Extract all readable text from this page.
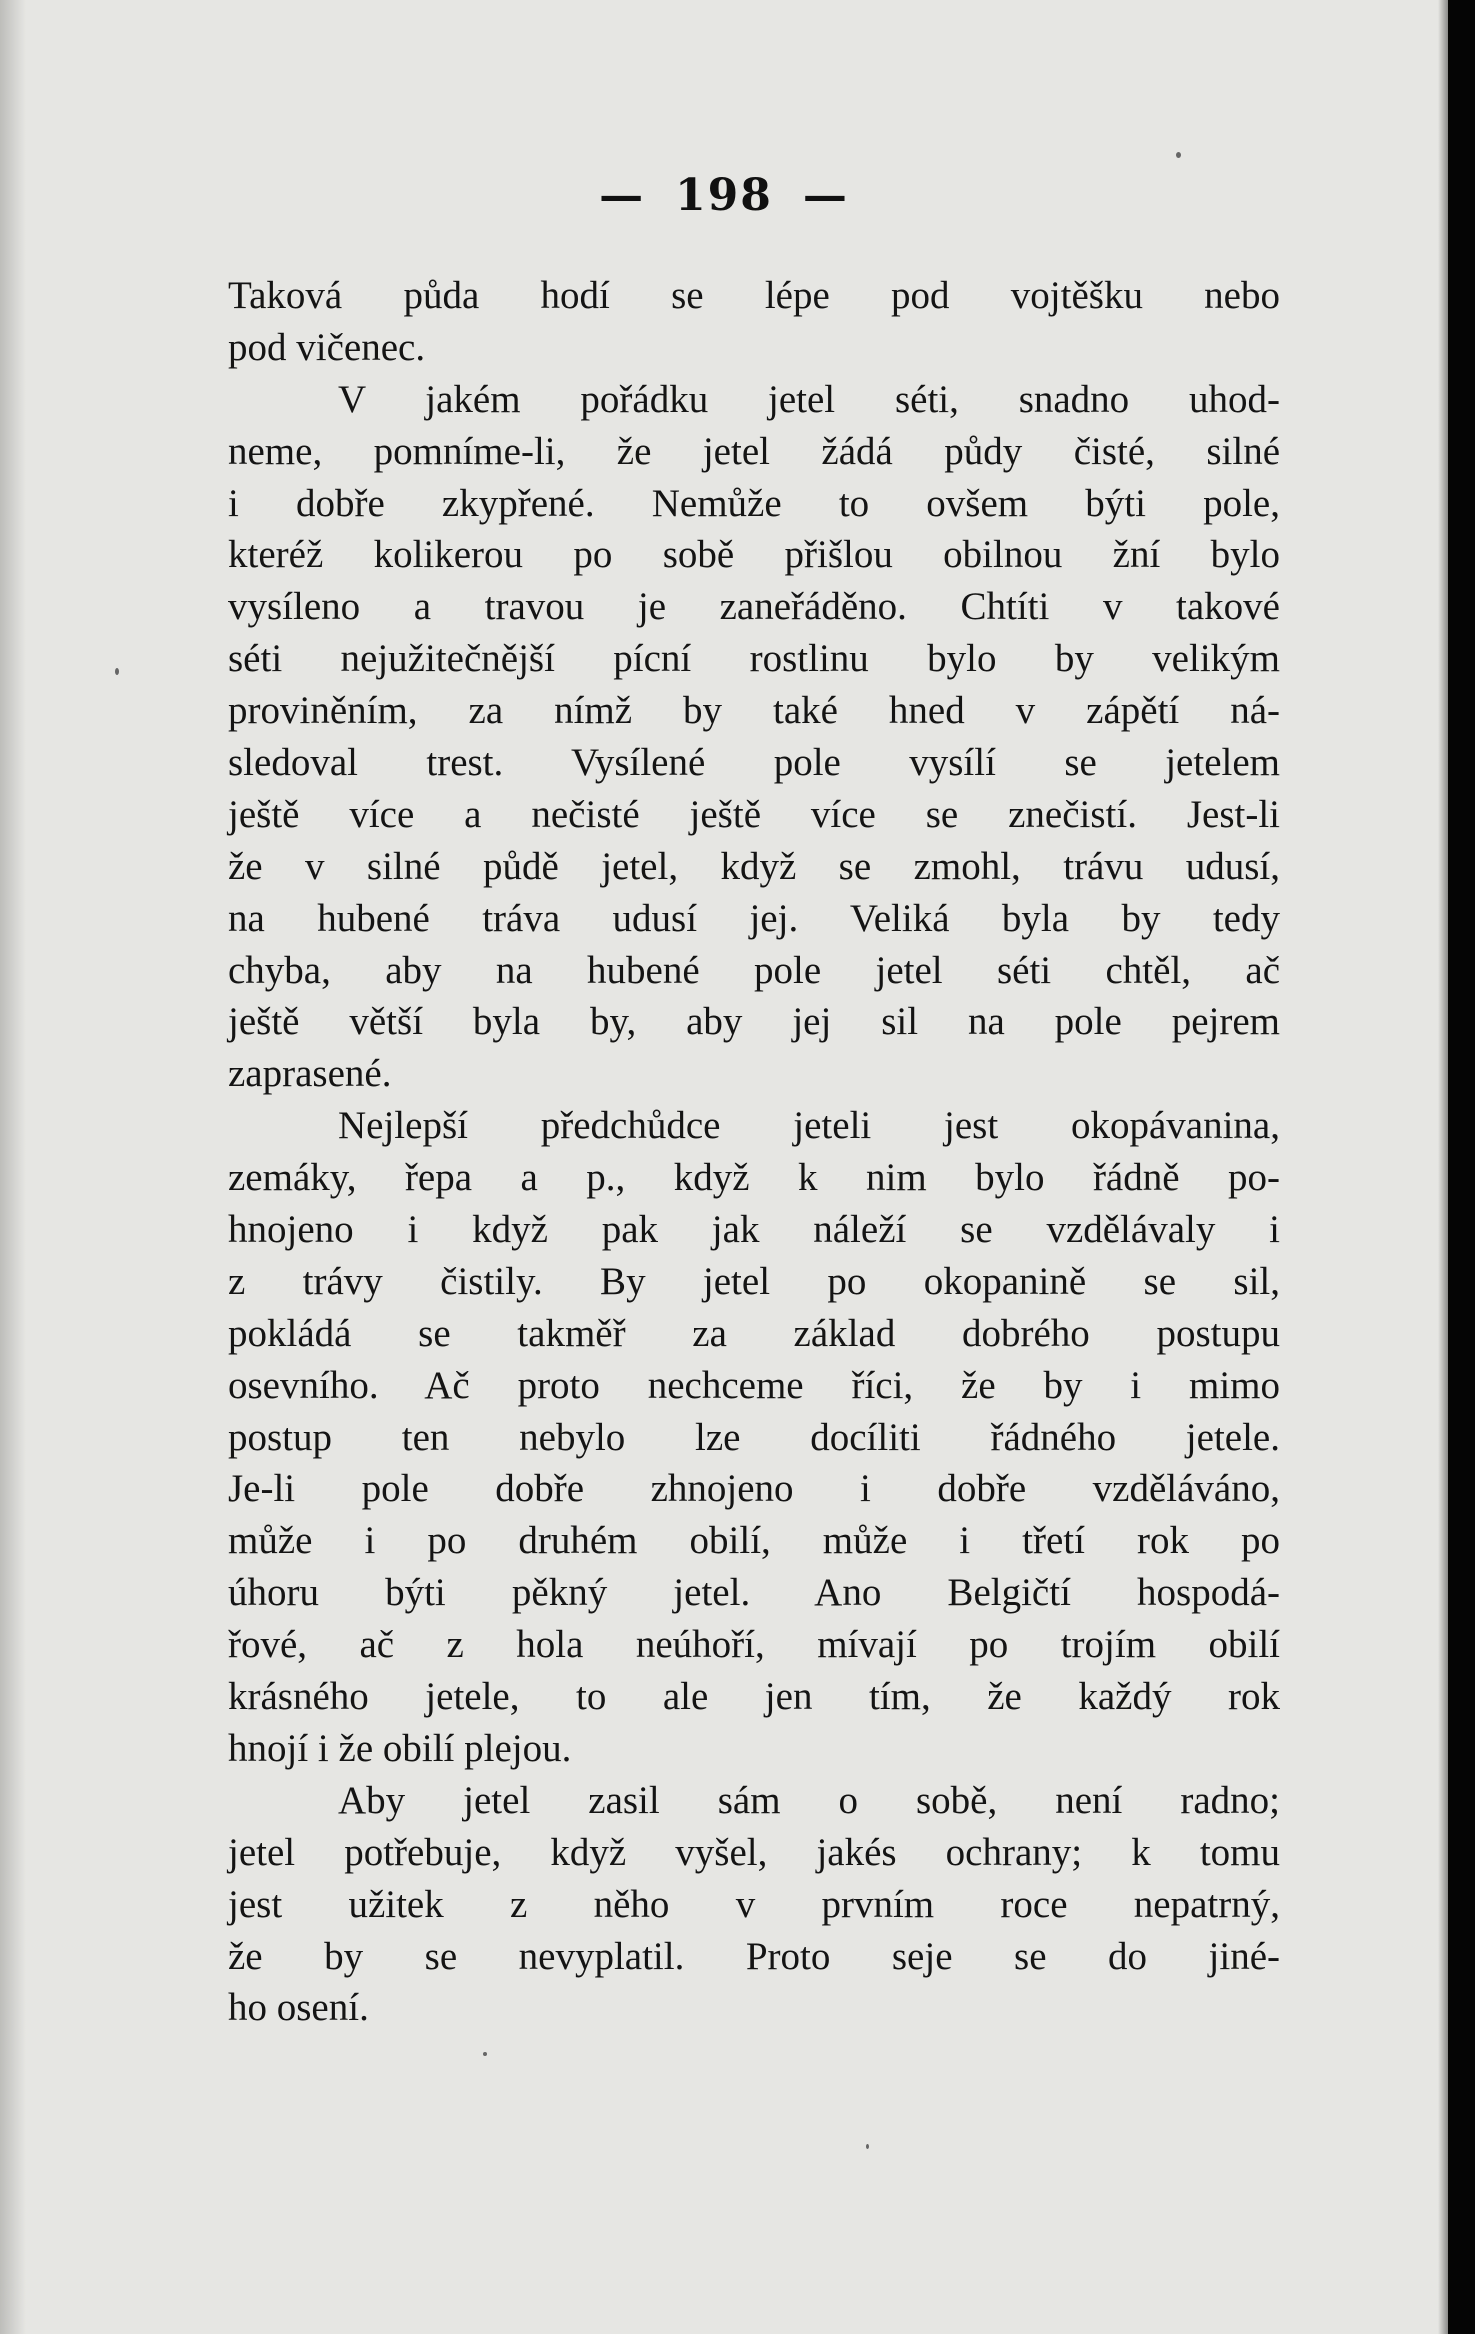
— 198 —
Taková půda hodí se lépe pod vojtěšku nebo
pod vičenec.
V jakém pořádku jetel séti, snadno uhod-
neme, pomníme-li, že jetel žádá půdy čisté, silné
i dobře zkypřené. Nemůže to ovšem býti pole,
kteréž kolikerou po sobě přišlou obilnou žní bylo
vysíleno a travou je zaneřáděno. Chtíti v takové
séti nejužitečnější pícní rostlinu bylo by velikým
proviněním, za nímž by také hned v zápětí ná-
sledoval trest. Vysílené pole vysílí se jetelem
ještě více a nečisté ještě více se znečistí. Jest-li
že v silné půdě jetel, když se zmohl, trávu udusí,
na hubené tráva udusí jej. Veliká byla by tedy
chyba, aby na hubené pole jetel séti chtěl, ač
ještě větší byla by, aby jej sil na pole pejrem
zaprasené.
Nejlepší předchůdce jeteli jest okopávanina,
zemáky, řepa a p., když k nim bylo řádně po-
hnojeno i když pak jak náleží se vzdělávaly i
z trávy čistily. By jetel po okopanině se sil,
pokládá se takměř za základ dobrého postupu
osevního. Ač proto nechceme říci, že by i mimo
postup ten nebylo lze docíliti řádného jetele.
Je-li pole dobře zhnojeno i dobře vzděláváno,
může i po druhém obilí, může i třetí rok po
úhoru býti pěkný jetel. Ano Belgičtí hospodá-
řové, ač z hola neúhoří, mívají po trojím obilí
krásného jetele, to ale jen tím, že každý rok
hnojí i že obilí plejou.
Aby jetel zasil sám o sobě, není radno;
jetel potřebuje, když vyšel, jakés ochrany; k tomu
jest užitek z něho v prvním roce nepatrný,
že by se nevyplatil. Proto seje se do jiné-
ho osení.
